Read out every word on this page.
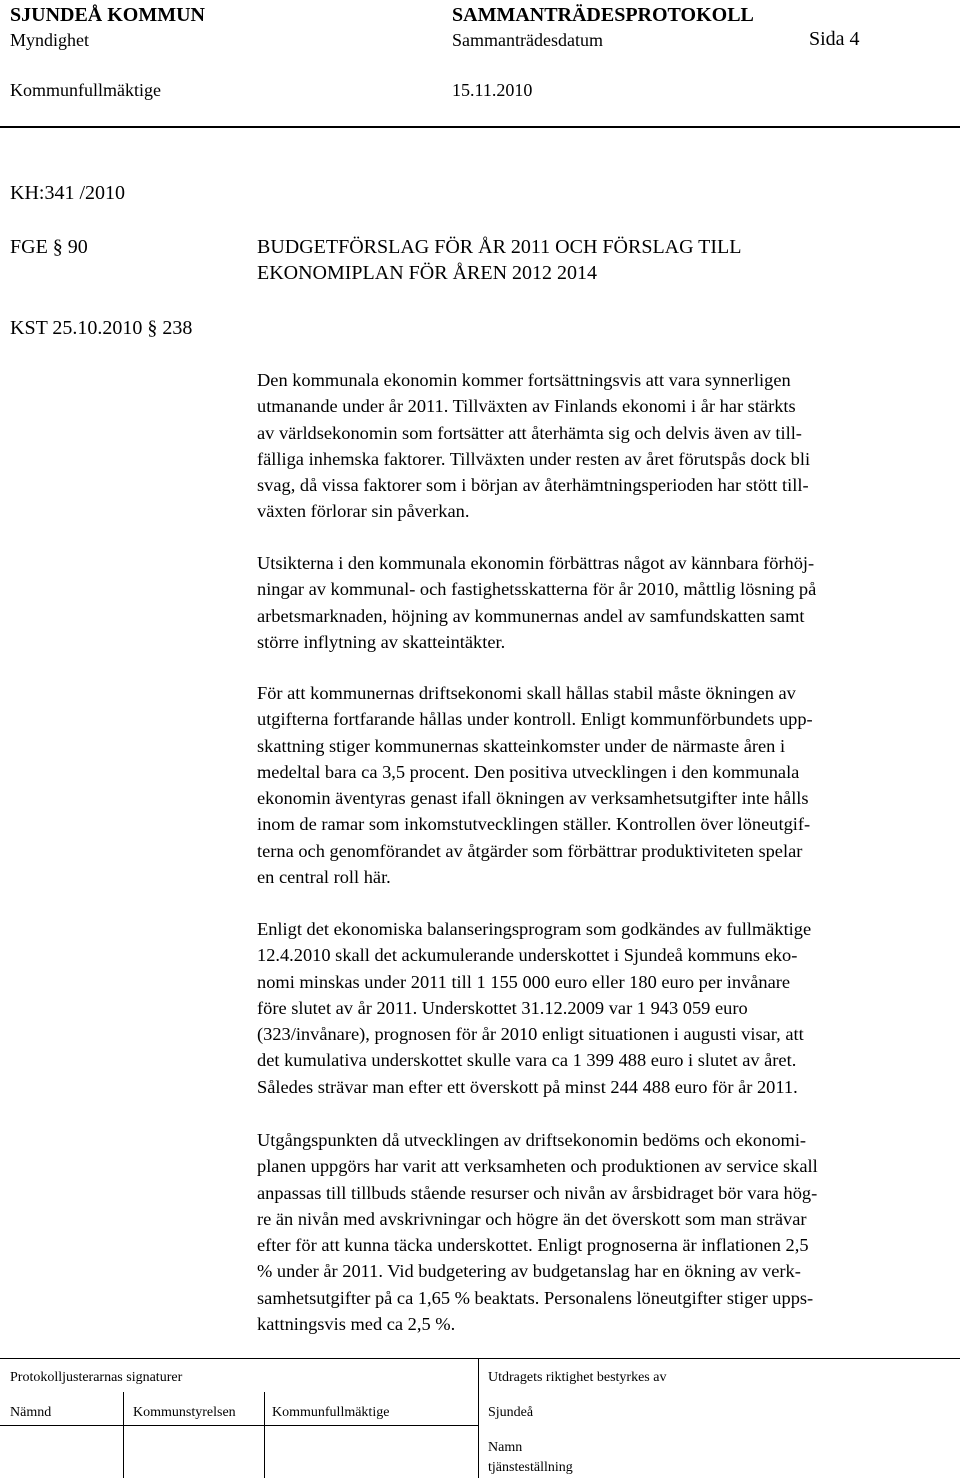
SJUNDEÅ KOMMUN	SAMMANTRÄDESPROTOKOLL
Myndighet	Sammanträdesdatum	Sida 4
Kommunfullmäktige	15.11.2010
KH:341 /2010
FGE § 90	BUDGETFÖRSLAG FÖR ÅR 2011 OCH FÖRSLAG TILL
EKONOMIPLAN FÖR ÅREN 2012 2014
KST 25.10.2010 § 238

Den kommunala ekonomin kommer fortsättningsvis att vara synnerligen

utmanande under år 2011. Tillväxten av Finlands ekonomi i år har stärkts

av världsekonomin som fortsätter att återhämta sig och delvis även av till-

fälliga inhemska faktorer. Tillväxten under resten av året förutspås dock bli

svag, då vissa faktorer som i början av återhämtningsperioden har stött till-

växten förlorar sin påverkan.

Utsikterna i den kommunala ekonomin förbättras något av kännbara förhöj-

ningar av kommunal- och fastighetsskatterna för år 2010, måttlig lösning på

arbetsmarknaden, höjning av kommunernas andel av samfundskatten samt

större inflytning av skatteintäkter.

För att kommunernas driftsekonomi skall hållas stabil måste ökningen av

utgifterna fortfarande hållas under kontroll. Enligt kommunförbundets upp-

skattning stiger kommunernas skatteinkomster under de närmaste åren i

medeltal bara ca 3,5 procent. Den positiva utvecklingen i den kommunala

ekonomin äventyras genast ifall ökningen av verksamhetsutgifter inte hålls

inom de ramar som inkomstutvecklingen ställer. Kontrollen över löneutgif-

terna och genomförandet av åtgärder som förbättrar produktiviteten spelar

en central roll här.

Enligt det ekonomiska balanseringsprogram som godkändes av fullmäktige

12.4.2010 skall det ackumulerande underskottet i Sjundeå kommuns eko-

nomi minskas under 2011 till 1 155 000 euro eller 180 euro per invånare

före slutet av år 2011. Underskottet 31.12.2009 var 1 943 059 euro

(323/invånare), prognosen för år 2010 enligt situationen i augusti visar, att

det kumulativa underskottet skulle vara ca 1 399 488 euro i slutet av året.

Således strävar man efter ett överskott på minst 244 488 euro för år 2011.

Utgångspunkten då utvecklingen av driftsekonomin bedöms och ekonomi-

planen uppgörs har varit att verksamheten och produktionen av service skall

anpassas till tillbuds stående resurser och nivån av årsbidraget bör vara hög-

re än nivån med avskrivningar och högre än det överskott som man strävar

efter för att kunna täcka underskottet. Enligt prognoserna är inflationen 2,5

% under år 2011. Vid budgetering av budgetanslag har en ökning av verk-

samhetsutgifter på ca 1,65 % beaktats. Personalens löneutgifter stiger upps-

kattningsvis med ca 2,5 %.

Protokolljusterarnas signaturer	Utdragets riktighet bestyrkes av
Nämnd	Kommunstyrelsen	Kommunfullmäktige	Sjundeå
Namn
tjänsteställning
